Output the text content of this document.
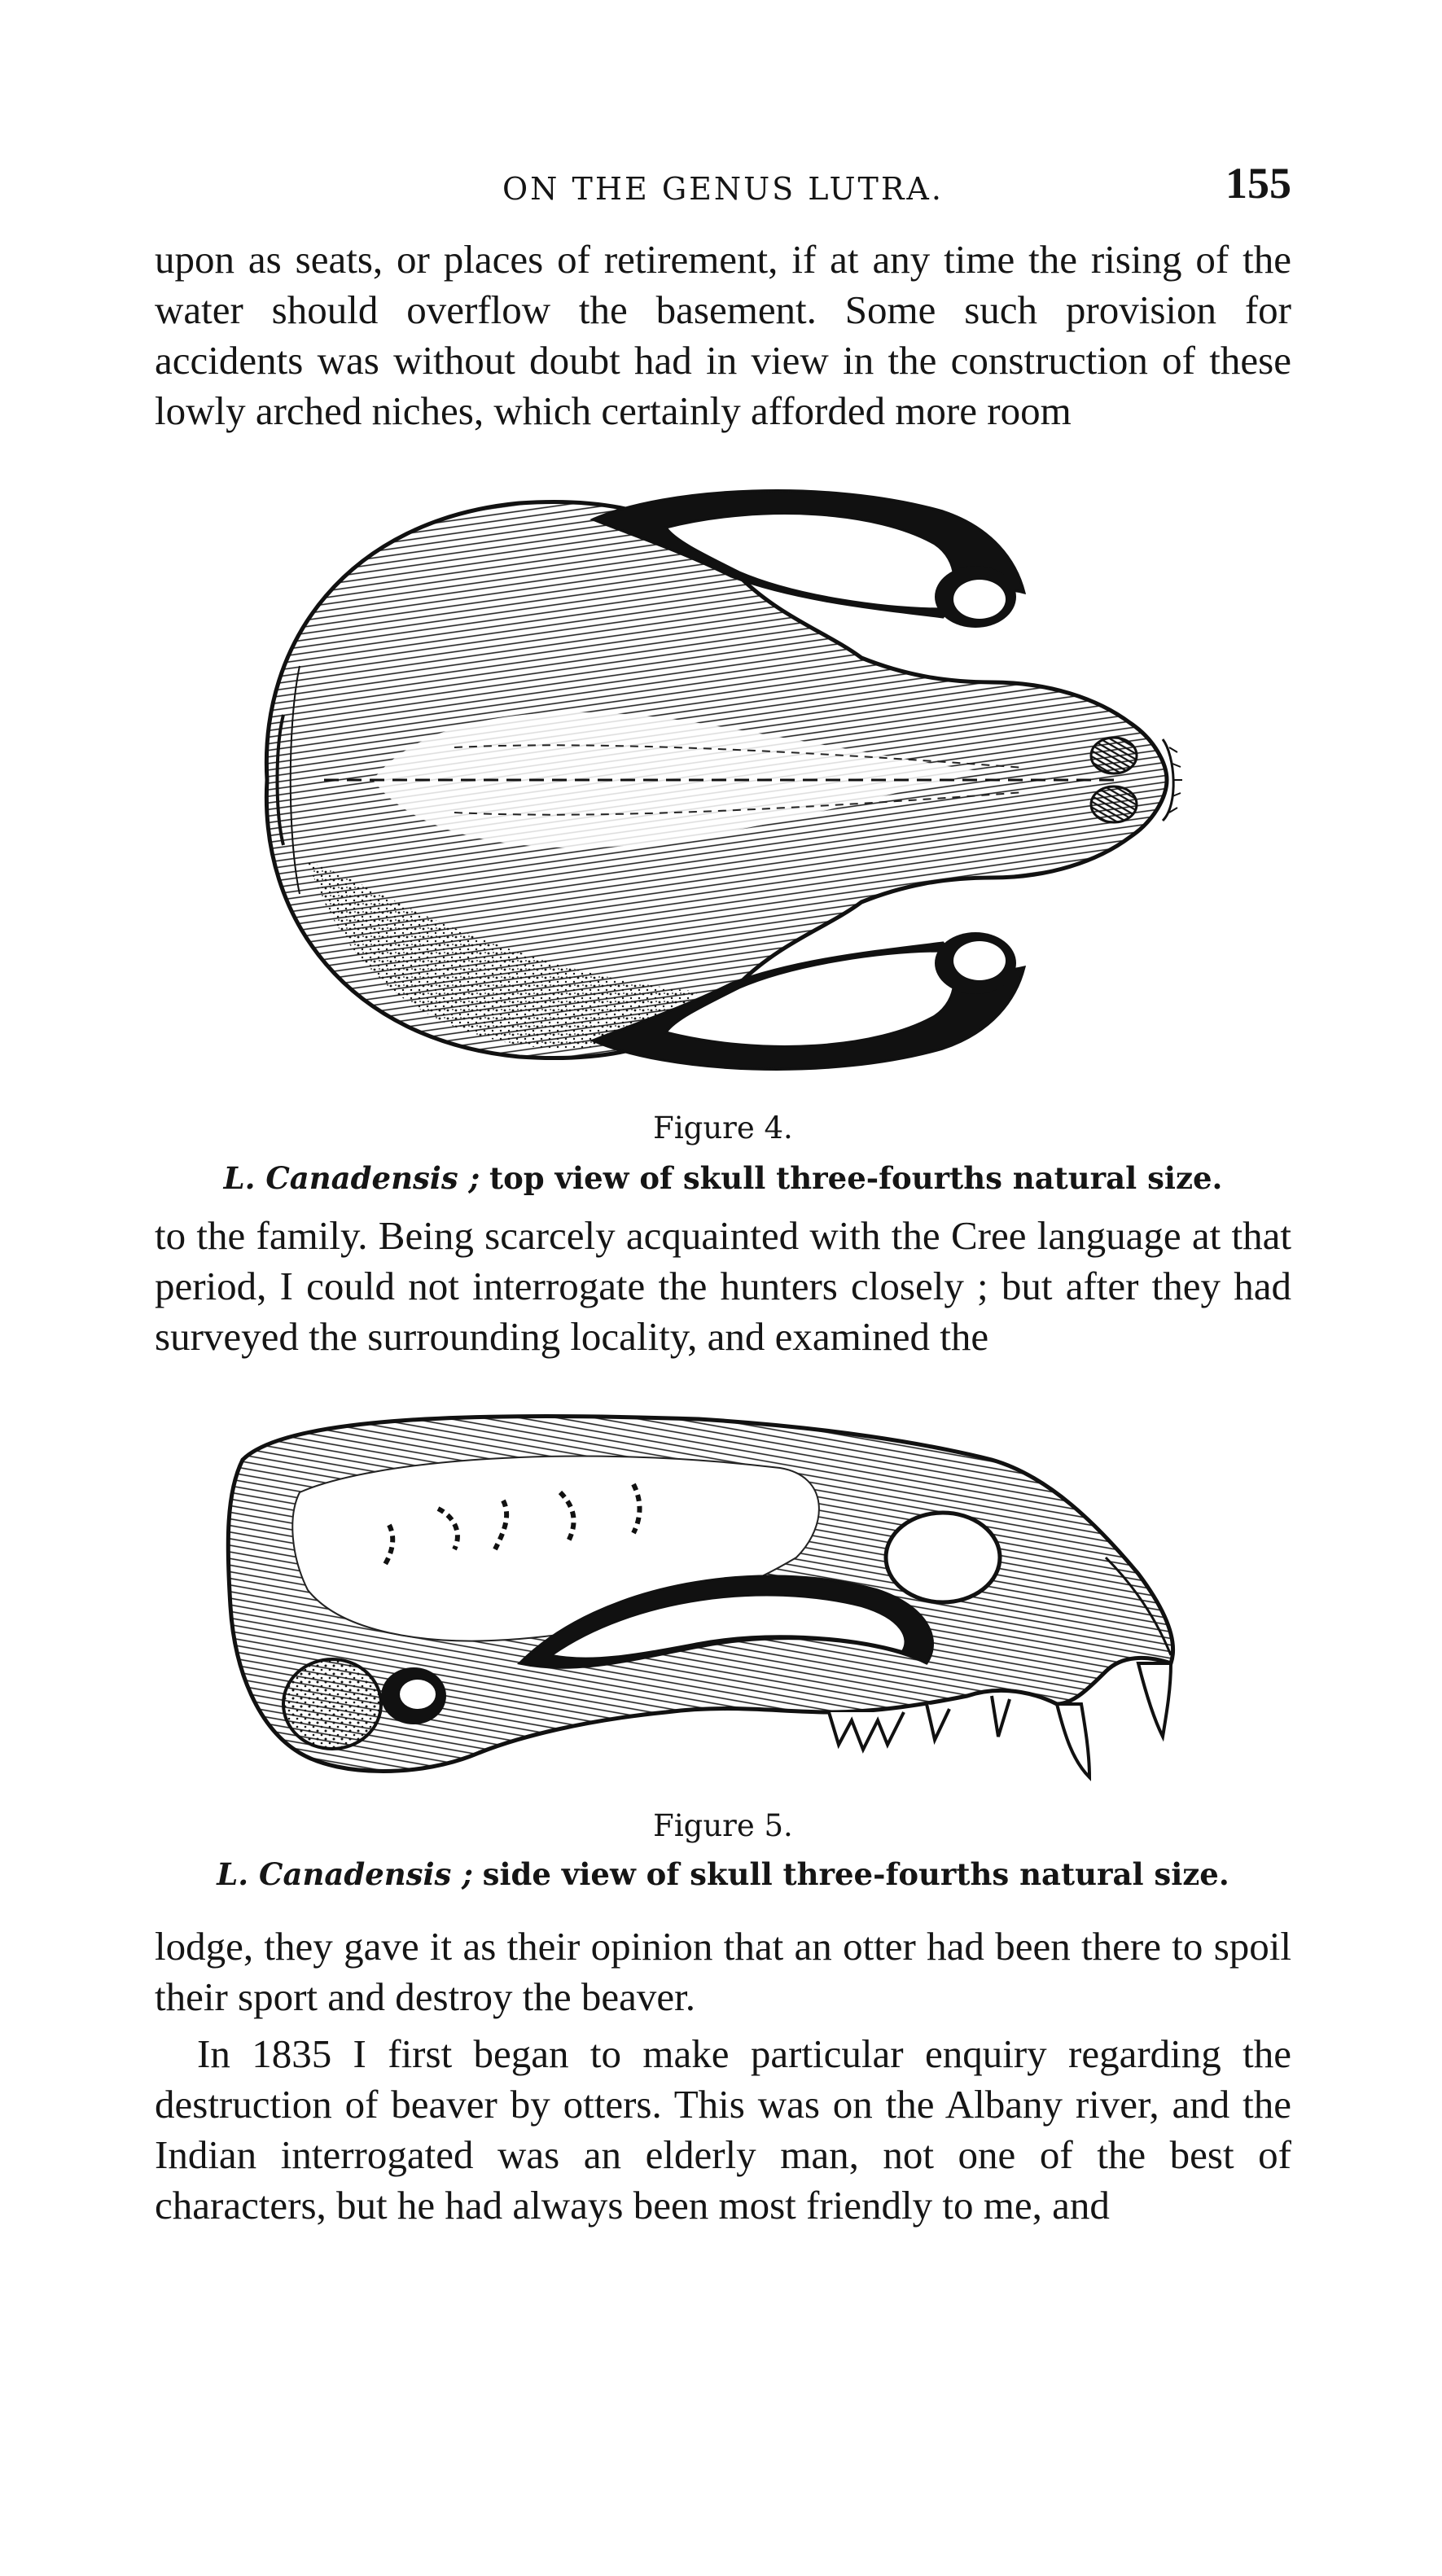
ON THE GENUS LUTRA.	155

upon as seats, or places of retirement, if at any time the rising of the water should overflow the basement. Some such provision for accidents was without doubt had in view in the construction of these lowly arched niches, which certainly afforded more room

Figure 4.

L. Canadensis ; top view of skull three-fourths natural size.

to the family. Being scarcely acquainted with the Cree language at that period, I could not interrogate the hunters closely ; but after they had surveyed the surrounding locality, and examined the

Figure 5.

L. Canadensis ; side view of skull three-fourths natural size.

lodge, they gave it as their opinion that an otter had been there to spoil their sport and destroy the beaver.

In 1835 I first began to make particular enquiry regarding the destruction of beaver by otters. This was on the Albany river, and the Indian interrogated was an elderly man, not one of the best of characters, but he had always been most friendly to me, and
